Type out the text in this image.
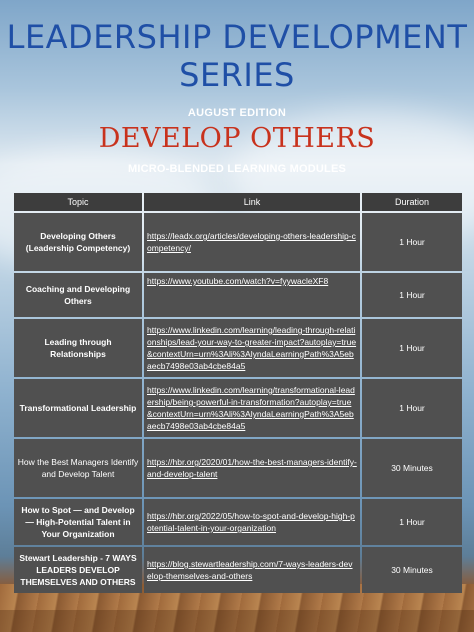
LEADERSHIP DEVELOPMENT SERIES
AUGUST EDITION
DEVELOP OTHERS
MICRO-BLENDED LEARNING MODULES
Topic	Link	Duration
Developing Others (Leadership Competency)	https://leadx.org/articles/developing-others-leadership-competency/	1 Hour
Coaching and Developing Others	https://www.youtube.com/watch?v=fyywacleXF8	1 Hour
Leading through Relationships	https://www.linkedin.com/learning/leading-through-relationships/lead-your-way-to-greater-impact?autoplay=true&contextUrn=urn%3Ali%3AlyndaLearningPath%3A5ebaecb7498e03ab4cbe84a5	1 Hour
Transformational Leadership	https://www.linkedin.com/learning/transformational-leadership/being-powerful-in-transformation?autoplay=true&contextUrn=urn%3Ali%3AlyndaLearningPath%3A5ebaecb7498e03ab4cbe84a5	1 Hour
How the Best Managers Identify and Develop Talent	https://hbr.org/2020/01/how-the-best-managers-identify-and-develop-talent	30 Minutes
How to Spot — and Develop — High-Potential Talent in Your Organization	https://hbr.org/2022/05/how-to-spot-and-develop-high-potential-talent-in-your-organization	1 Hour
Stewart Leadership - 7 WAYS LEADERS DEVELOP THEMSELVES AND OTHERS	https://blog.stewartleadership.com/7-ways-leaders-develop-themselves-and-others	30 Minutes
